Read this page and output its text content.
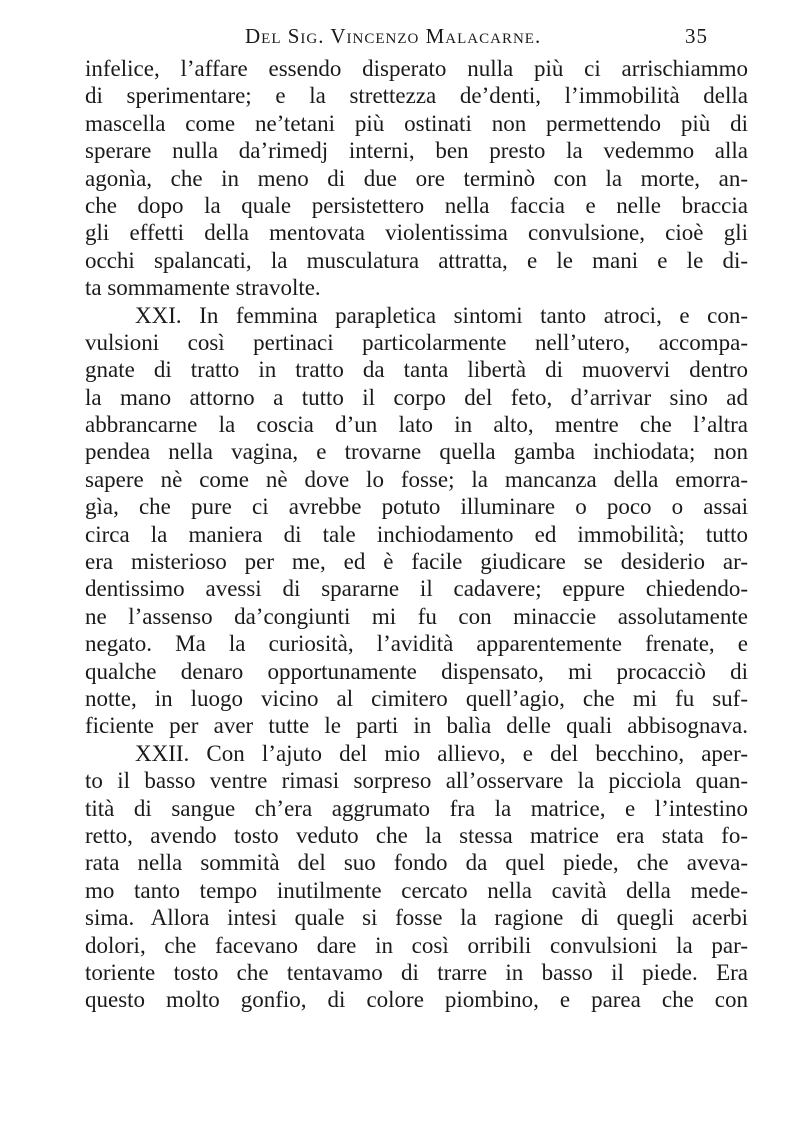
Del Sig. Vincenzo Malacarne.	35
infelice, l’affare essendo disperato nulla più ci arrischiammo
di sperimentare; e la strettezza de’denti, l’immobilità della
mascella come ne’tetani più ostinati non permettendo più di
sperare nulla da’rimedj interni, ben presto la vedemmo alla
agonìa, che in meno di due ore terminò con la morte, an-
che dopo la quale persistettero nella faccia e nelle braccia
gli effetti della mentovata violentissima convulsione, cioè gli
occhi spalancati, la musculatura attratta, e le mani e le di-
ta sommamente stravolte.
XXI. In femmina parapletica sintomi tanto atroci, e con-
vulsioni così pertinaci particolarmente nell’utero, accompa-
gnate di tratto in tratto da tanta libertà di muovervi dentro
la mano attorno a tutto il corpo del feto, d’arrivar sino ad
abbrancarne la coscia d’un lato in alto, mentre che l’altra
pendea nella vagina, e trovarne quella gamba inchiodata; non
sapere nè come nè dove lo fosse; la mancanza della emorra-
gìa, che pure ci avrebbe potuto illuminare o poco o assai
circa la maniera di tale inchiodamento ed immobilità; tutto
era misterioso per me, ed è facile giudicare se desiderio ar-
dentissimo avessi di spararne il cadavere; eppure chiedendo-
ne l’assenso da’congiunti mi fu con minaccie assolutamente
negato. Ma la curiosità, l’avidità apparentemente frenate, e
qualche denaro opportunamente dispensato, mi procacciò di
notte, in luogo vicino al cimitero quell’agio, che mi fu suf-
ficiente per aver tutte le parti in balìa delle quali abbisognava.
XXII. Con l’ajuto del mio allievo, e del becchino, aper-
to il basso ventre rimasi sorpreso all’osservare la picciola quan-
tità di sangue ch’era aggrumato fra la matrice, e l’intestino
retto, avendo tosto veduto che la stessa matrice era stata fo-
rata nella sommità del suo fondo da quel piede, che aveva-
mo tanto tempo inutilmente cercato nella cavità della mede-
sima. Allora intesi quale si fosse la ragione di quegli acerbi
dolori, che facevano dare in così orribili convulsioni la par-
toriente tosto che tentavamo di trarre in basso il piede. Era
questo molto gonfio, di colore piombino, e parea che con
